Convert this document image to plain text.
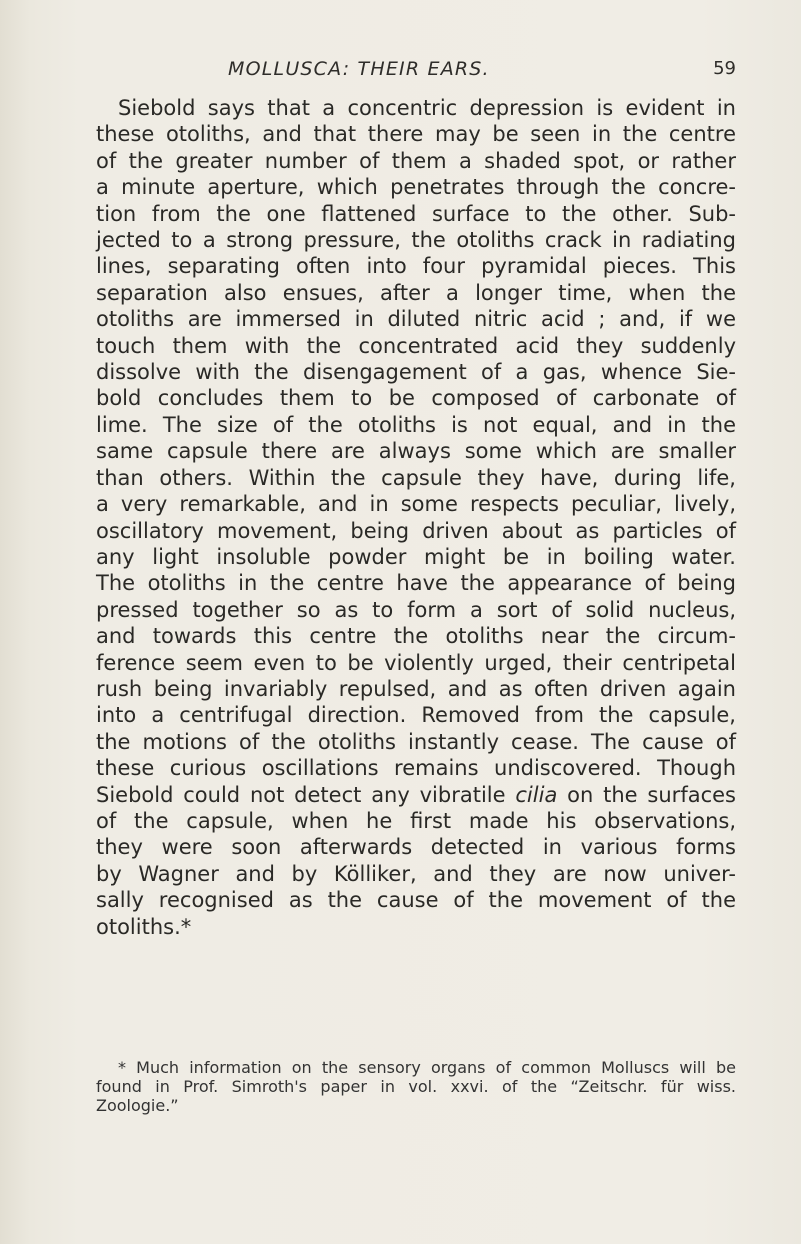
MOLLUSCA: THEIR EARS.	59
Siebold says that a concentric depression is evident in
these otoliths, and that there may be seen in the centre
of the greater number of them a shaded spot, or rather
a minute aperture, which penetrates through the concre-
tion from the one flattened surface to the other. Sub-
jected to a strong pressure, the otoliths crack in radiating
lines, separating often into four pyramidal pieces. This
separation also ensues, after a longer time, when the
otoliths are immersed in diluted nitric acid ; and, if we
touch them with the concentrated acid they suddenly
dissolve with the disengagement of a gas, whence Sie-
bold concludes them to be composed of carbonate of
lime. The size of the otoliths is not equal, and in the
same capsule there are always some which are smaller
than others. Within the capsule they have, during life,
a very remarkable, and in some respects peculiar, lively,
oscillatory movement, being driven about as particles of
any light insoluble powder might be in boiling water.
The otoliths in the centre have the appearance of being
pressed together so as to form a sort of solid nucleus,
and towards this centre the otoliths near the circum-
ference seem even to be violently urged, their centripetal
rush being invariably repulsed, and as often driven again
into a centrifugal direction. Removed from the capsule,
the motions of the otoliths instantly cease. The cause of
these curious oscillations remains undiscovered. Though
Siebold could not detect any vibratile cilia on the surfaces
of the capsule, when he first made his observations,
they were soon afterwards detected in various forms
by Wagner and by Kölliker, and they are now univer-
sally recognised as the cause of the movement of the
otoliths.*
* Much information on the sensory organs of common Molluscs will be
found in Prof. Simroth's paper in vol. xxvi. of the “Zeitschr. für wiss.
Zoologie.”
